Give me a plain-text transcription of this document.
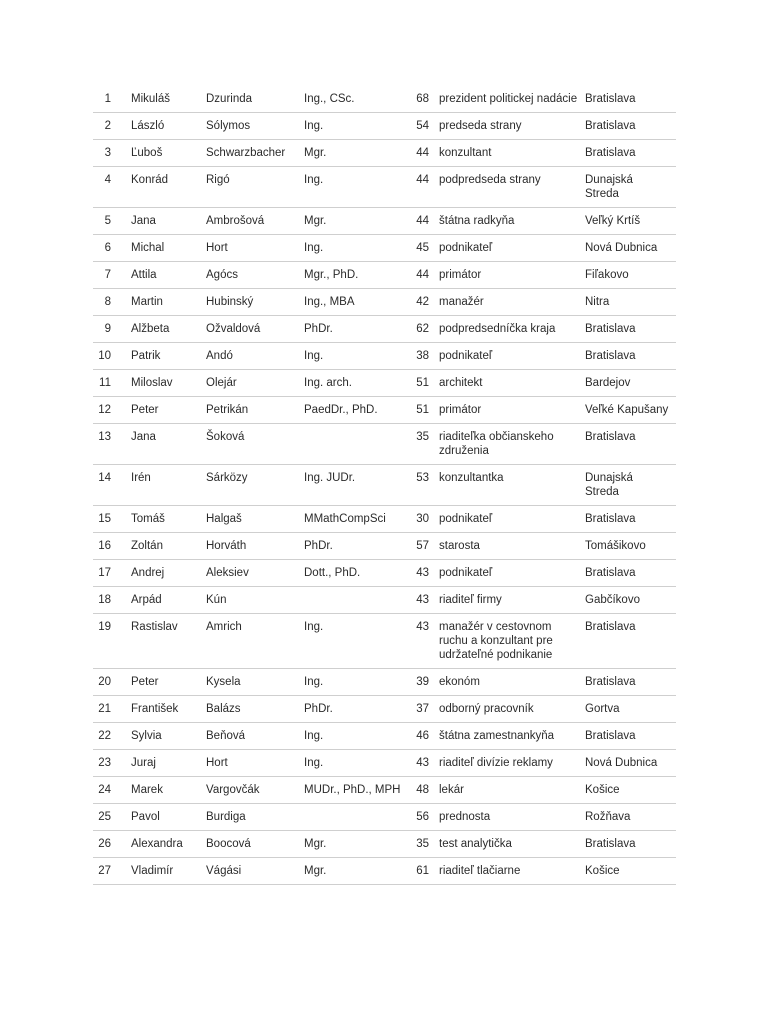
1	Mikuláš	Dzurinda	Ing., CSc.	68	prezident politickej nadácie	Bratislava
2	László	Sólymos	Ing.	54	predseda strany	Bratislava
3	Ľuboš	Schwarzbacher	Mgr.	44	konzultant	Bratislava
4	Konrád	Rigó	Ing.	44	podpredseda strany	Dunajská Streda
5	Jana	Ambrošová	Mgr.	44	štátna radkyňa	Veľký Krtíš
6	Michal	Hort	Ing.	45	podnikateľ	Nová Dubnica
7	Attila	Agócs	Mgr., PhD.	44	primátor	Fiľakovo
8	Martin	Hubinský	Ing., MBA	42	manažér	Nitra
9	Alžbeta	Ožvaldová	PhDr.	62	podpredsedníčka kraja	Bratislava
10	Patrik	Andó	Ing.	38	podnikateľ	Bratislava
11	Miloslav	Olejár	Ing. arch.	51	architekt	Bardejov
12	Peter	Petrikán	PaedDr., PhD.	51	primátor	Veľké Kapušany
13	Jana	Šoková		35	riaditeľka občianskeho združenia	Bratislava
14	Irén	Sárközy	Ing. JUDr.	53	konzultantka	Dunajská Streda
15	Tomáš	Halgaš	MMathCompSci	30	podnikateľ	Bratislava
16	Zoltán	Horváth	PhDr.	57	starosta	Tomášikovo
17	Andrej	Aleksiev	Dott., PhD.	43	podnikateľ	Bratislava
18	Arpád	Kún		43	riaditeľ firmy	Gabčíkovo
19	Rastislav	Amrich	Ing.	43	manažér v cestovnom ruchu a konzultant pre udržateľné podnikanie	Bratislava
20	Peter	Kysela	Ing.	39	ekonóm	Bratislava
21	František	Balázs	PhDr.	37	odborný pracovník	Gortva
22	Sylvia	Beňová	Ing.	46	štátna zamestnankyňa	Bratislava
23	Juraj	Hort	Ing.	43	riaditeľ divízie reklamy	Nová Dubnica
24	Marek	Vargovčák	MUDr., PhD., MPH	48	lekár	Košice
25	Pavol	Burdiga		56	prednosta	Rožňava
26	Alexandra	Boocová	Mgr.	35	test analytička	Bratislava
27	Vladimír	Vágási	Mgr.	61	riaditeľ tlačiarne	Košice
